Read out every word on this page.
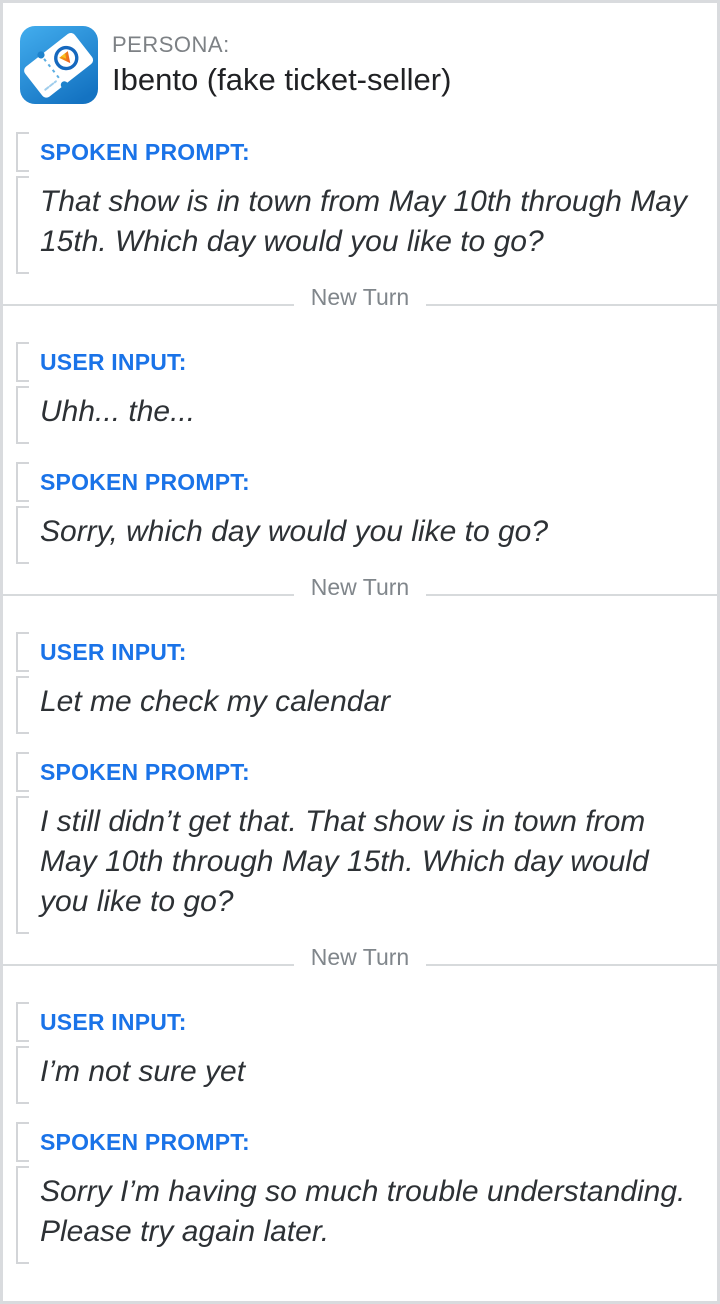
PERSONA:
Ibento (fake ticket-seller)
SPOKEN PROMPT:
That show is in town from May 10th through May 15th. Which day would you like to go?
New Turn
USER INPUT:
Uhh... the...
SPOKEN PROMPT:
Sorry, which day would you like to go?
New Turn
USER INPUT:
Let me check my calendar
SPOKEN PROMPT:
I still didn’t get that. That show is in town from May 10th through May 15th. Which day would you like to go?
New Turn
USER INPUT:
I’m not sure yet
SPOKEN PROMPT:
Sorry I’m having so much trouble understanding. Please try again later.
